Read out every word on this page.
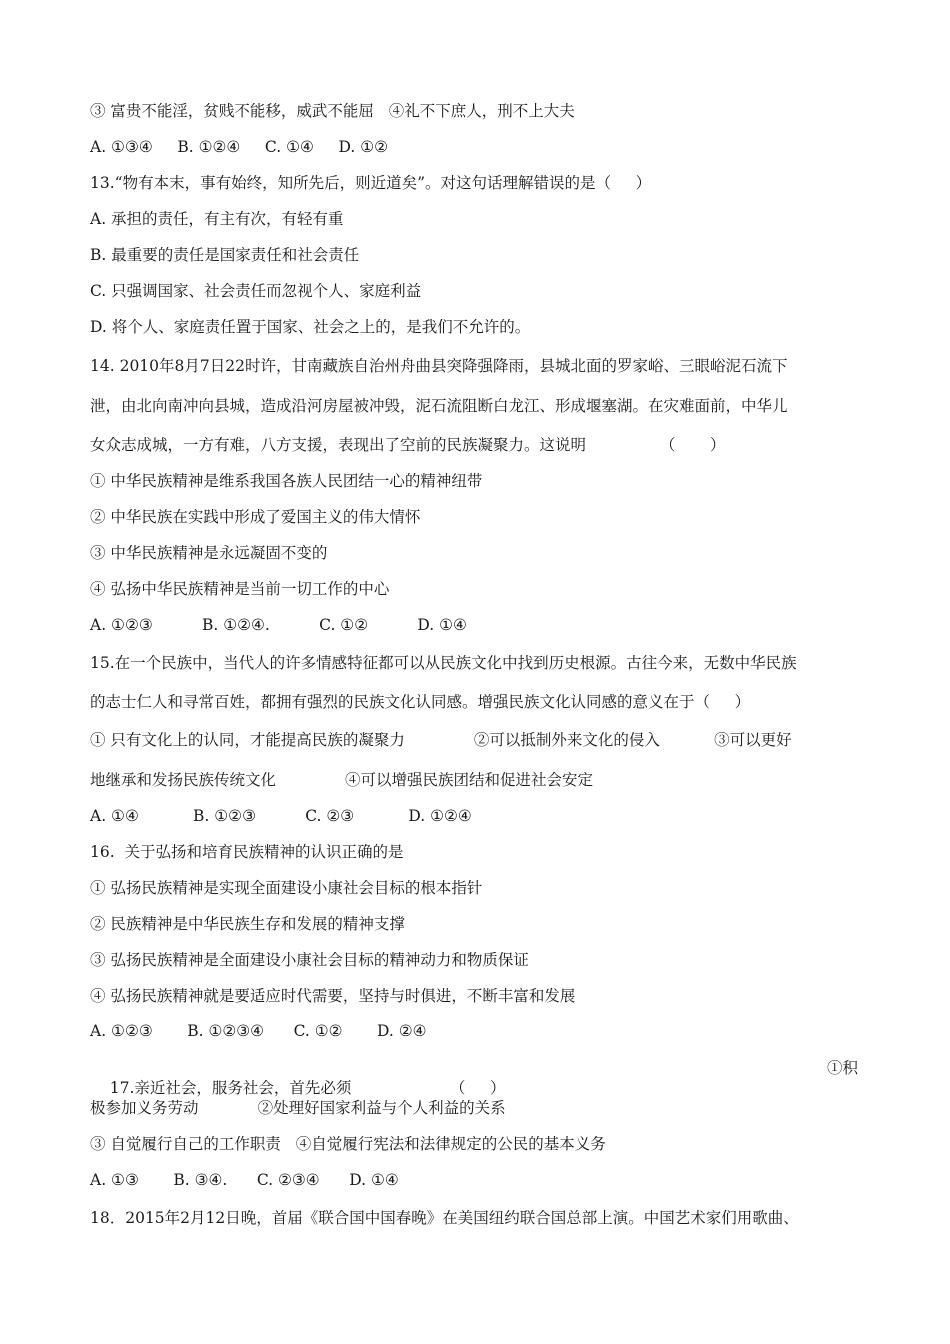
③ 富贵不能淫，贫贱不能移，威武不能屈   ④礼不下庶人，刑不上大夫
A. ①③④     B. ①②④     C. ①④     D. ①②
13.“物有本末，事有始终，知所先后，则近道矣”。对这句话理解错误的是（     ）
A. 承担的责任，有主有次，有轻有重
B. 最重要的责任是国家责任和社会责任
C. 只强调国家、社会责任而忽视个人、家庭利益
D. 将个人、家庭责任置于国家、社会之上的，是我们不允许的。
14. 2010年8月7日22时许，甘南藏族自治州舟曲县突降强降雨，县城北面的罗家峪、三眼峪泥石流下
泄，由北向南冲向县城，造成沿河房屋被冲毁，泥石流阻断白龙江、形成堰塞湖。在灾难面前，中华儿
女众志成城，一方有难，八方支援，表现出了空前的民族凝聚力。这说明               （       ）
① 中华民族精神是维系我国各族人民团结一心的精神纽带
② 中华民族在实践中形成了爱国主义的伟大情怀
③ 中华民族精神是永远凝固不变的
④ 弘扬中华民族精神是当前一切工作的中心
A. ①②③          B. ①②④.          C. ①②          D. ①④
15.在一个民族中，当代人的许多情感特征都可以从民族文化中找到历史根源。古往今来，无数中华民族
的志士仁人和寻常百姓，都拥有强烈的民族文化认同感。增强民族文化认同感的意义在于（     ）
① 只有文化上的认同，才能提高民族的凝聚力              ②可以抵制外来文化的侵入           ③可以更好
地继承和发扬民族传统文化              ④可以增强民族团结和促进社会安定
A. ①④           B. ①②③          C. ②③           D. ①②④
16.  关于弘扬和培育民族精神的认识正确的是
① 弘扬民族精神是实现全面建设小康社会目标的根本指针
② 民族精神是中华民族生存和发展的精神支撑
③ 弘扬民族精神是全面建设小康社会目标的精神动力和物质保证
④ 弘扬民族精神就是要适应时代需要，坚持与时俱进，不断丰富和发展
A. ①②③       B. ①②③④      C. ①②       D. ②④

17.亲近社会，服务社会，首先必须                    （     ）

①积

极参加义务劳动            ②处理好国家利益与个人利益的关系
③ 自觉履行自己的工作职责   ④自觉履行宪法和法律规定的公民的基本义务
A. ①③       B. ③④.      C. ②③④      D. ①④
18．2015年2月12日晚，首届《联合国中国春晚》在美国纽约联合国总部上演。中国艺术家们用歌曲、
